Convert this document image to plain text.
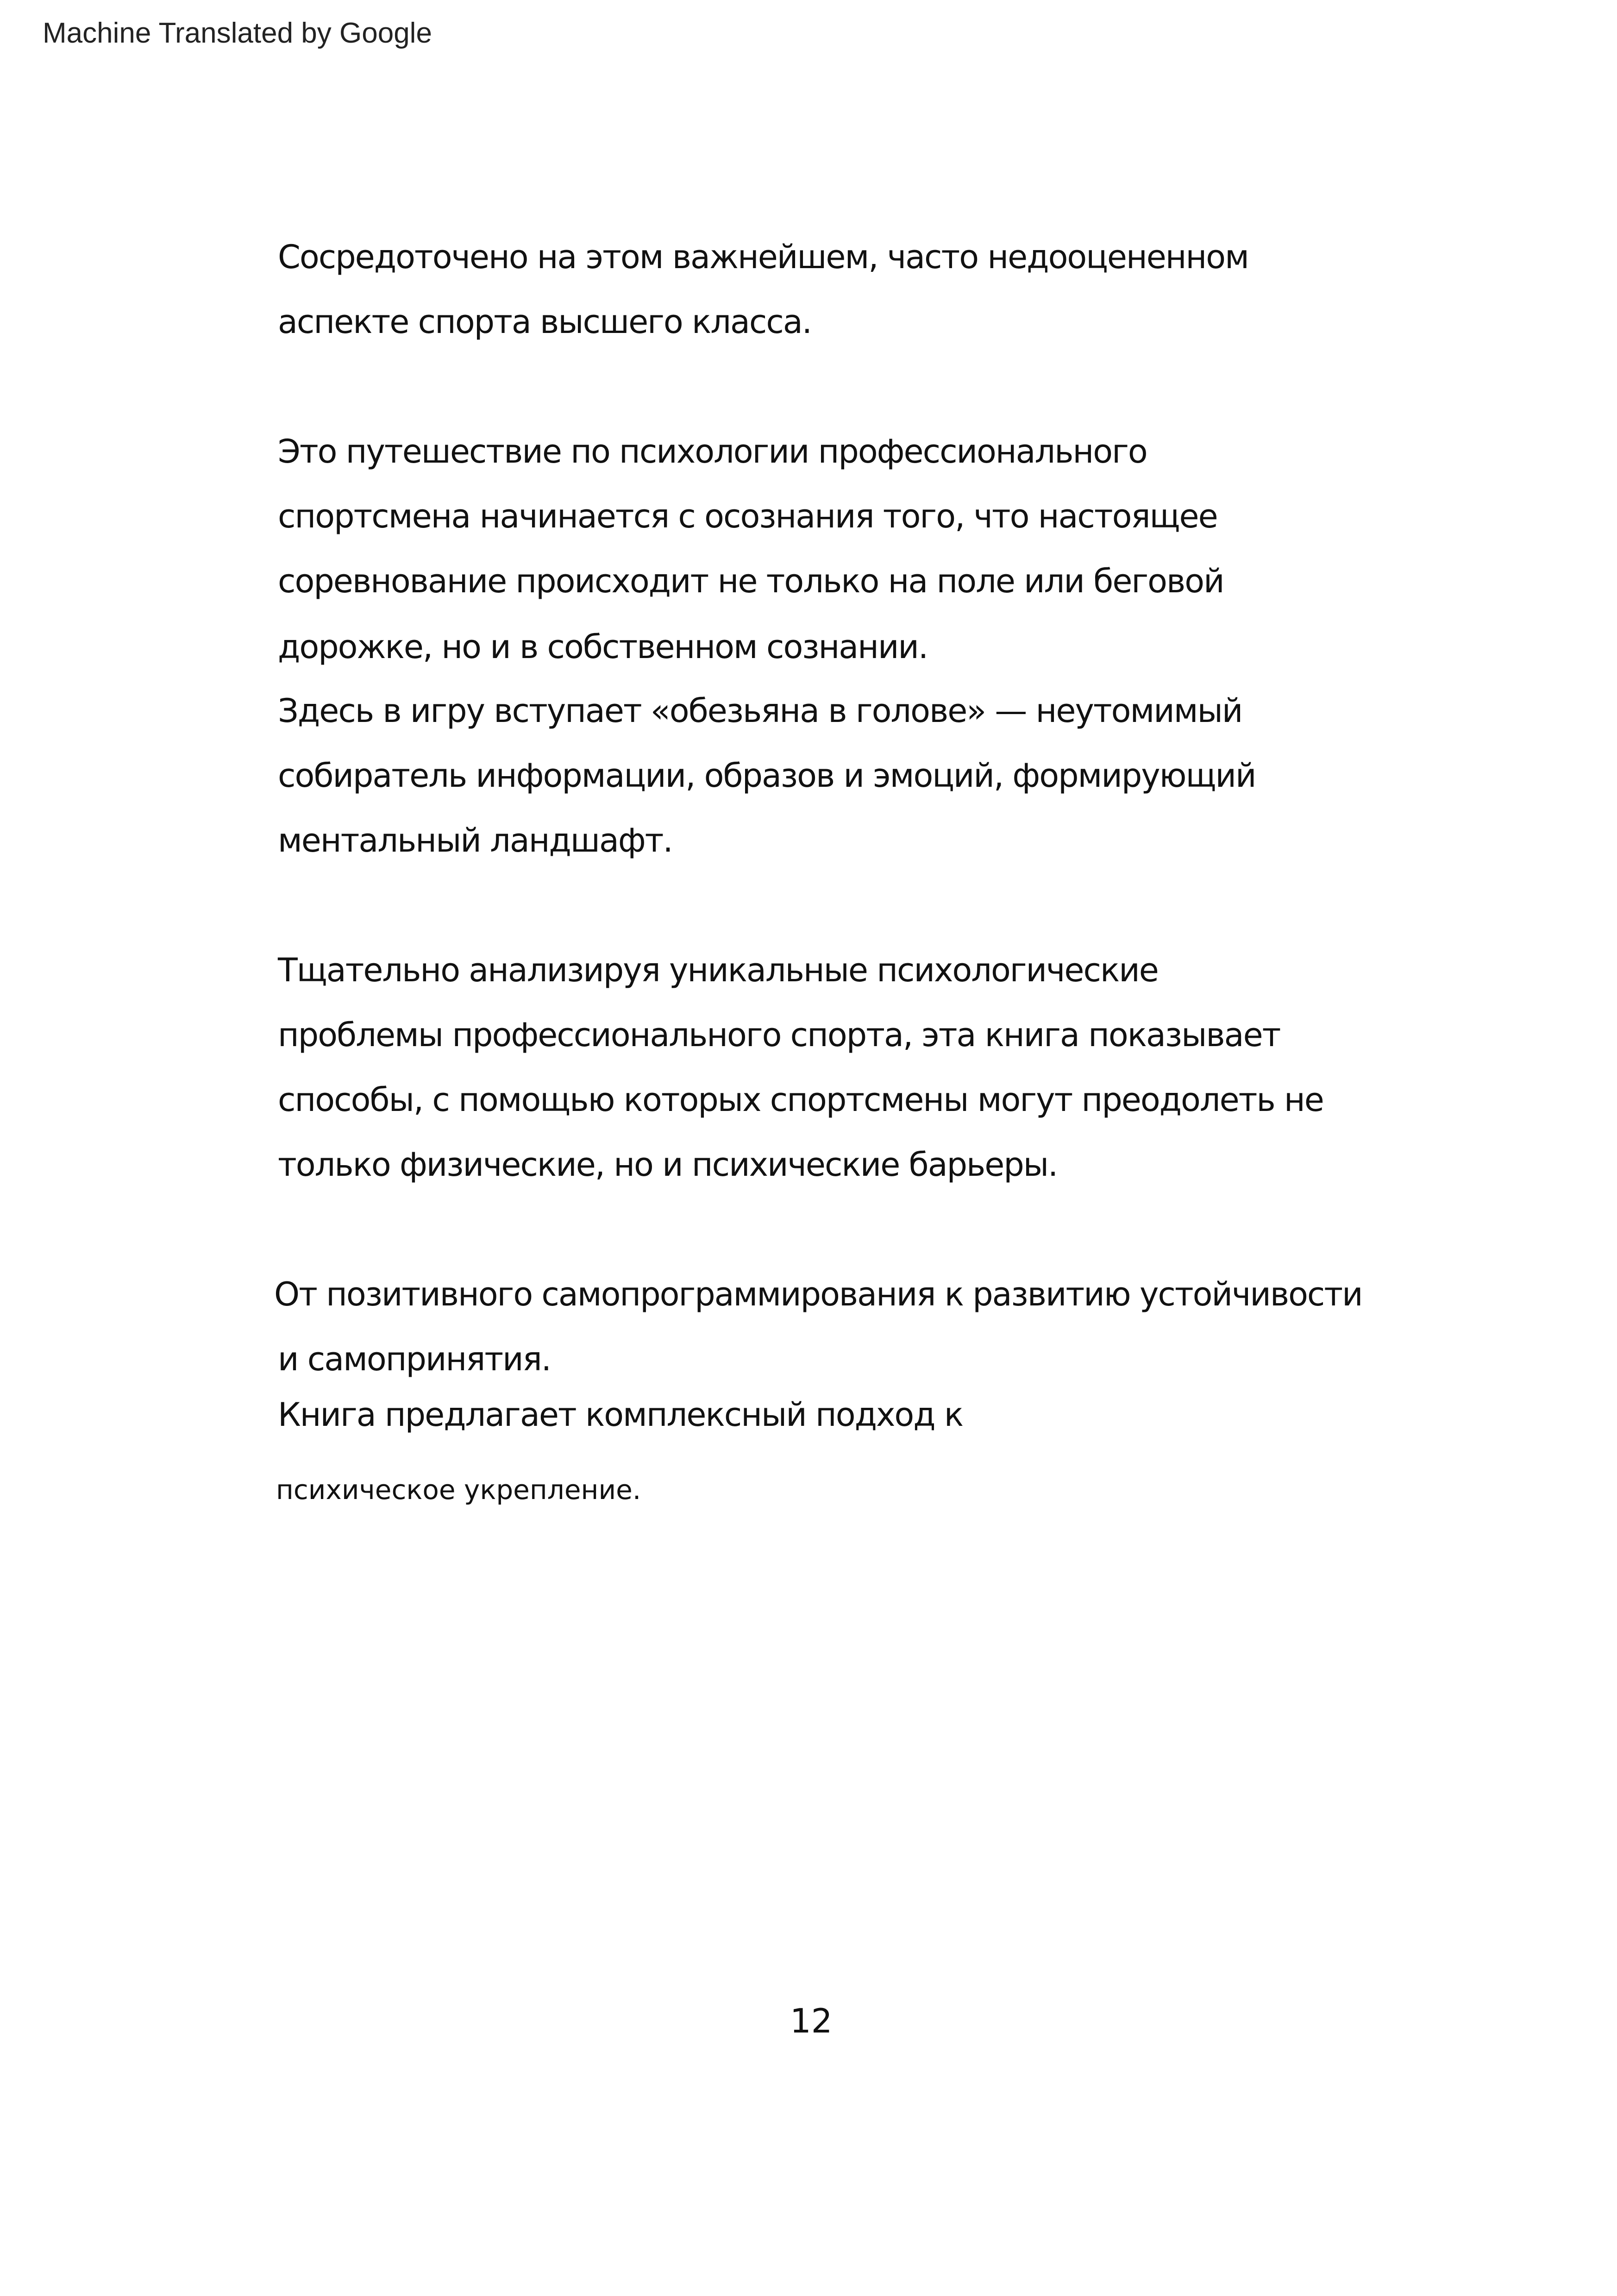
Machine Translated by Google
Сосредоточено на этом важнейшем, часто недооцененном
аспекте спорта высшего класса.
Это путешествие по психологии профессионального
спортсмена начинается с осознания того, что настоящее
соревнование происходит не только на поле или беговой
дорожке, но и в собственном сознании.
Здесь в игру вступает «обезьяна в голове» — неутомимый
собиратель информации, образов и эмоций, формирующий
ментальный ландшафт.
Тщательно анализируя уникальные психологические
проблемы профессионального спорта, эта книга показывает
способы, с помощью которых спортсмены могут преодолеть не
только физические, но и психические барьеры.
От позитивного самопрограммирования к развитию устойчивости
и самопринятия.
Книга предлагает комплексный подход к
психическое укрепление.
12
